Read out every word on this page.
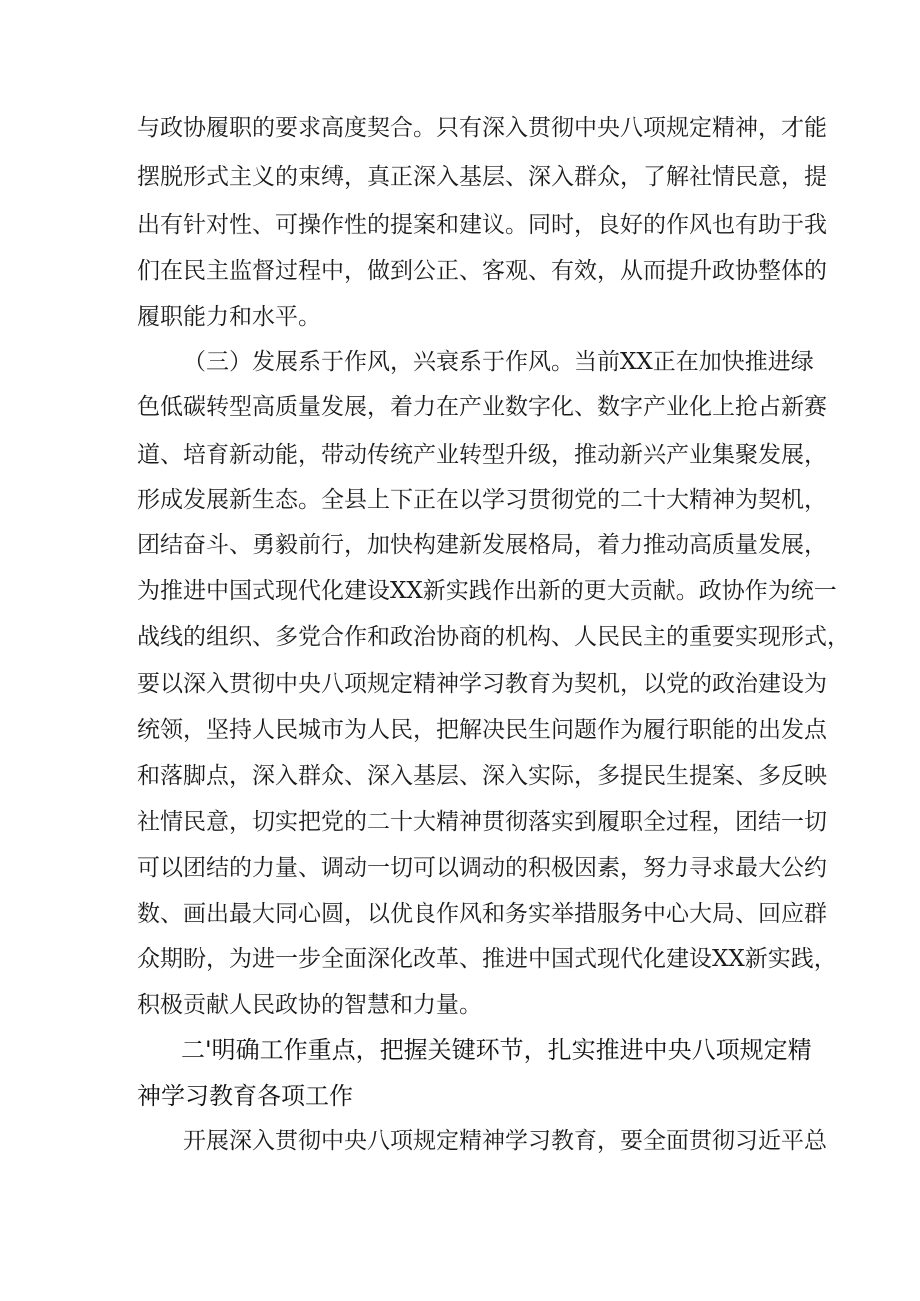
与政协履职的要求高度契合。只有深入贯彻中央八项规定精神，才能
摆脱形式主义的束缚，真正深入基层、深入群众，了解社情民意，提
出有针对性、可操作性的提案和建议。同时，良好的作风也有助于我
们在民主监督过程中，做到公正、客观、有效，从而提升政协整体的
履职能力和水平。
（三）发展系于作风，兴衰系于作风。当前XX正在加快推进绿
色低碳转型高质量发展，着力在产业数字化、数字产业化上抢占新赛
道、培育新动能，带动传统产业转型升级，推动新兴产业集聚发展，
形成发展新生态。全县上下正在以学习贯彻党的二十大精神为契机，
团结奋斗、勇毅前行，加快构建新发展格局，着力推动高质量发展，
为推进中国式现代化建设XX新实践作出新的更大贡献。政协作为统一
战线的组织、多党合作和政治协商的机构、人民民主的重要实现形式，
要以深入贯彻中央八项规定精神学习教育为契机，以党的政治建设为
统领，坚持人民城市为人民，把解决民生问题作为履行职能的出发点
和落脚点，深入群众、深入基层、深入实际，多提民生提案、多反映
社情民意，切实把党的二十大精神贯彻落实到履职全过程，团结一切
可以团结的力量、调动一切可以调动的积极因素，努力寻求最大公约
数、画出最大同心圆，以优良作风和务实举措服务中心大局、回应群
众期盼，为进一步全面深化改革、推进中国式现代化建设XX新实践，
积极贡献人民政协的智慧和力量。
二'明确工作重点，把握关键环节，扎实推进中央八项规定精
神学习教育各项工作
开展深入贯彻中央八项规定精神学习教育，要全面贯彻习近平总
